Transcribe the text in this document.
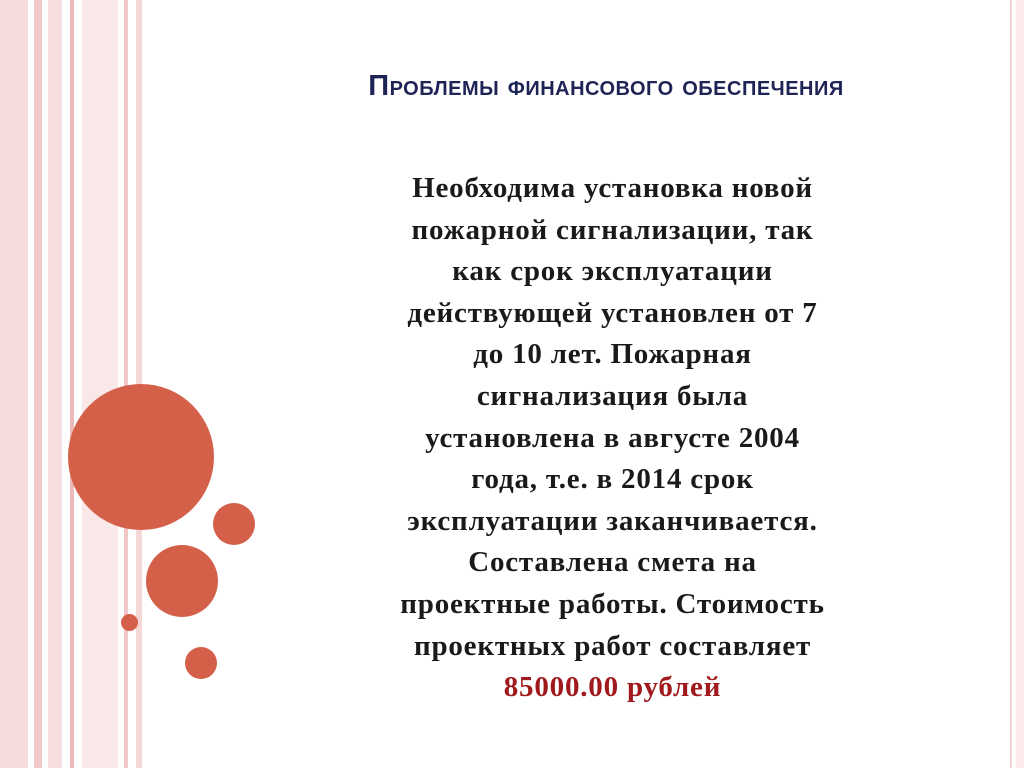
Проблемы финансового обеспечения
Необходима установка новой
пожарной сигнализации, так
как срок эксплуатации
действующей установлен от 7
до 10 лет. Пожарная
сигнализация была
установлена в августе 2004
года, т.е. в 2014 срок
эксплуатации заканчивается.
Составлена смета на
проектные работы. Стоимость
проектных работ составляет
85000.00 рублей
